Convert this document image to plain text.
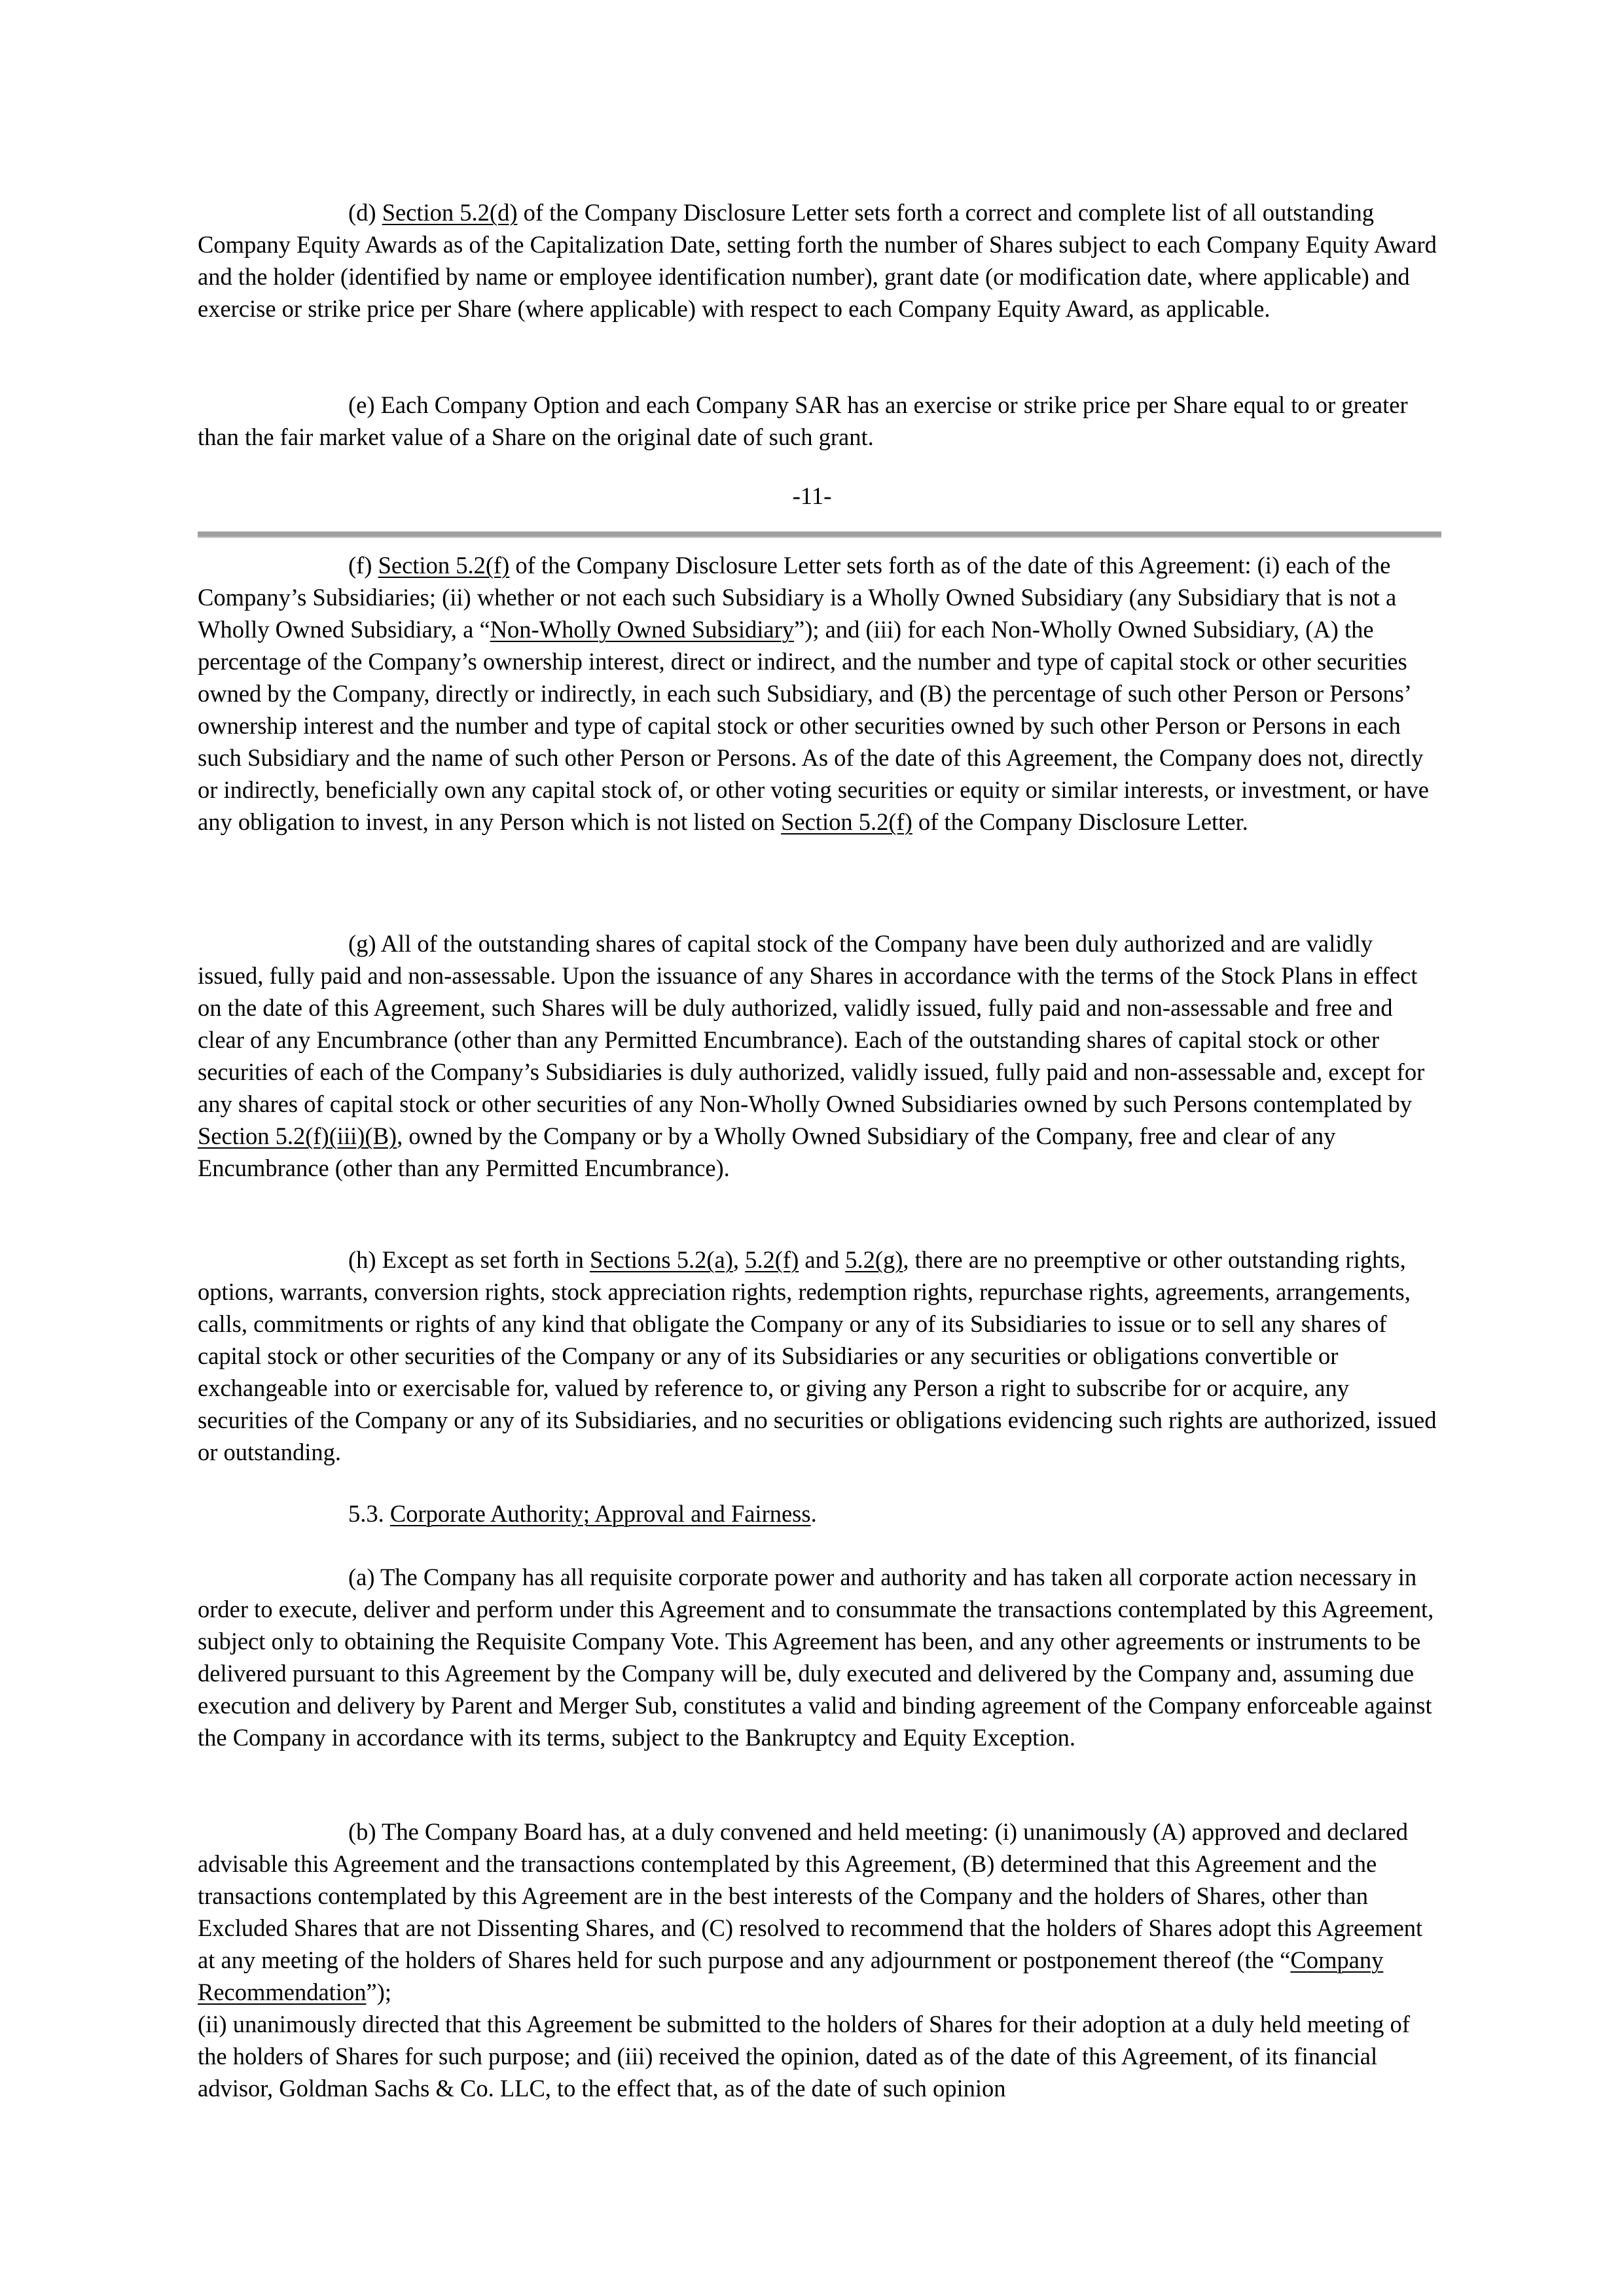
(d) Section 5.2(d) of the Company Disclosure Letter sets forth a correct and complete list of all outstanding Company Equity Awards as of the Capitalization Date, setting forth the number of Shares subject to each Company Equity Award and the holder (identified by name or employee identification number), grant date (or modification date, where applicable) and exercise or strike price per Share (where applicable) with respect to each Company Equity Award, as applicable.

(e) Each Company Option and each Company SAR has an exercise or strike price per Share equal to or greater than the fair market value of a Share on the original date of such grant.

-11-

(f) Section 5.2(f) of the Company Disclosure Letter sets forth as of the date of this Agreement: (i) each of the Company’s Subsidiaries; (ii) whether or not each such Subsidiary is a Wholly Owned Subsidiary (any Subsidiary that is not a Wholly Owned Subsidiary, a “Non-Wholly Owned Subsidiary”); and (iii) for each Non-Wholly Owned Subsidiary, (A) the percentage of the Company’s ownership interest, direct or indirect, and the number and type of capital stock or other securities owned by the Company, directly or indirectly, in each such Subsidiary, and (B) the percentage of such other Person or Persons’ ownership interest and the number and type of capital stock or other securities owned by such other Person or Persons in each such Subsidiary and the name of such other Person or Persons. As of the date of this Agreement, the Company does not, directly or indirectly, beneficially own any capital stock of, or other voting securities or equity or similar interests, or investment, or have any obligation to invest, in any Person which is not listed on Section 5.2(f) of the Company Disclosure Letter.

(g) All of the outstanding shares of capital stock of the Company have been duly authorized and are validly issued, fully paid and non-assessable. Upon the issuance of any Shares in accordance with the terms of the Stock Plans in effect on the date of this Agreement, such Shares will be duly authorized, validly issued, fully paid and non-assessable and free and clear of any Encumbrance (other than any Permitted Encumbrance). Each of the outstanding shares of capital stock or other securities of each of the Company’s Subsidiaries is duly authorized, validly issued, fully paid and non-assessable and, except for any shares of capital stock or other securities of any Non-Wholly Owned Subsidiaries owned by such Persons contemplated by Section 5.2(f)(iii)(B), owned by the Company or by a Wholly Owned Subsidiary of the Company, free and clear of any Encumbrance (other than any Permitted Encumbrance).

(h) Except as set forth in Sections 5.2(a), 5.2(f) and 5.2(g), there are no preemptive or other outstanding rights, options, warrants, conversion rights, stock appreciation rights, redemption rights, repurchase rights, agreements, arrangements, calls, commitments or rights of any kind that obligate the Company or any of its Subsidiaries to issue or to sell any shares of capital stock or other securities of the Company or any of its Subsidiaries or any securities or obligations convertible or exchangeable into or exercisable for, valued by reference to, or giving any Person a right to subscribe for or acquire, any securities of the Company or any of its Subsidiaries, and no securities or obligations evidencing such rights are authorized, issued or outstanding.

5.3. Corporate Authority; Approval and Fairness.

(a) The Company has all requisite corporate power and authority and has taken all corporate action necessary in order to execute, deliver and perform under this Agreement and to consummate the transactions contemplated by this Agreement, subject only to obtaining the Requisite Company Vote. This Agreement has been, and any other agreements or instruments to be delivered pursuant to this Agreement by the Company will be, duly executed and delivered by the Company and, assuming due execution and delivery by Parent and Merger Sub, constitutes a valid and binding agreement of the Company enforceable against the Company in accordance with its terms, subject to the Bankruptcy and Equity Exception.

(b) The Company Board has, at a duly convened and held meeting: (i) unanimously (A) approved and declared advisable this Agreement and the transactions contemplated by this Agreement, (B) determined that this Agreement and the transactions contemplated by this Agreement are in the best interests of the Company and the holders of Shares, other than Excluded Shares that are not Dissenting Shares, and (C) resolved to recommend that the holders of Shares adopt this Agreement at any meeting of the holders of Shares held for such purpose and any adjournment or postponement thereof (the “Company Recommendation”);

(ii) unanimously directed that this Agreement be submitted to the holders of Shares for their adoption at a duly held meeting of the holders of Shares for such purpose; and (iii) received the opinion, dated as of the date of this Agreement, of its financial advisor, Goldman Sachs & Co. LLC, to the effect that, as of the date of such opinion
